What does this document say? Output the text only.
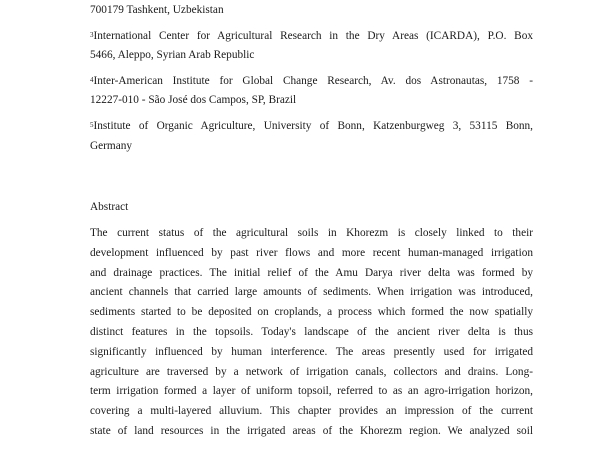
700179 Tashkent, Uzbekistan
$^3$International Center for Agricultural Research in the Dry Areas (ICARDA), P.O. Box
5466, Aleppo, Syrian Arab Republic
$^4$Inter-American Institute for Global Change Research, Av. dos Astronautas, 1758 -
12227-010 - São José dos Campos, SP, Brazil
$^5$Institute of Organic Agriculture, University of Bonn, Katzenburgweg 3, 53115 Bonn,
Germany
Abstract
The current status of the agricultural soils in Khorezm is closely linked to their
development influenced by past river flows and more recent human-managed irrigation
and drainage practices. The initial relief of the Amu Darya river delta was formed by
ancient channels that carried large amounts of sediments. When irrigation was introduced,
sediments started to be deposited on croplands, a process which formed the now spatially
distinct features in the topsoils. Today's landscape of the ancient river delta is thus
significantly influenced by human interference. The areas presently used for irrigated
agriculture are traversed by a network of irrigation canals, collectors and drains. Long-
term irrigation formed a layer of uniform topsoil, referred to as an agro-irrigation horizon,
covering a multi-layered alluvium. This chapter provides an impression of the current
state of land resources in the irrigated areas of the Khorezm region. We analyzed soil
